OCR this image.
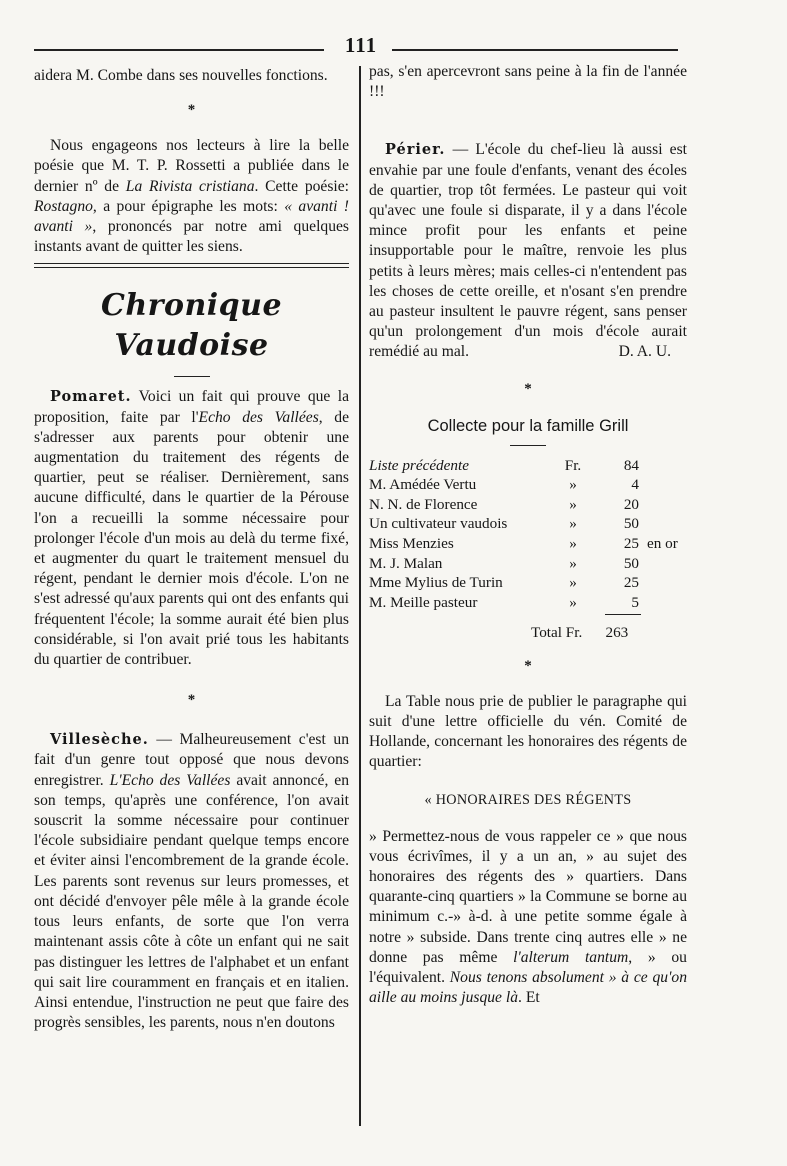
111

aidera M. Combe dans ses nouvelles fonctions.

*

Nous engageons nos lecteurs à lire la belle poésie que M. T. P. Rossetti a publiée dans le dernier nº de La Rivista cristiana. Cette poésie: Rostagno, a pour épigraphe les mots: « avanti ! avanti », prononcés par notre ami quelques instants avant de quitter les siens.

Chronique Vaudoise

Pomaret. Voici un fait qui prouve que la proposition, faite par l'Echo des Vallées, de s'adresser aux parents pour obtenir une augmentation du traitement des régents de quartier, peut se réaliser. Dernièrement, sans aucune difficulté, dans le quartier de la Pérouse l'on a recueilli la somme nécessaire pour prolonger l'école d'un mois au delà du terme fixé, et augmenter du quart le traitement mensuel du régent, pendant le dernier mois d'école. L'on ne s'est adressé qu'aux parents qui ont des enfants qui fréquentent l'école; la somme aurait été bien plus considérable, si l'on avait prié tous les habitants du quartier de contribuer.

*

Villesèche. — Malheureusement c'est un fait d'un genre tout opposé que nous devons enregistrer. L'Echo des Vallées avait annoncé, en son temps, qu'après une conférence, l'on avait souscrit la somme nécessaire pour continuer l'école subsidiaire pendant quelque temps encore et éviter ainsi l'encombrement de la grande école. Les parents sont revenus sur leurs promesses, et ont décidé d'envoyer pêle mêle à la grande école tous leurs enfants, de sorte que l'on verra maintenant assis côte à côte un enfant qui ne sait pas distinguer les lettres de l'alphabet et un enfant qui sait lire couramment en français et en italien. Ainsi entendue, l'instruction ne peut que faire des progrès sensibles, les parents, nous n'en doutons

pas, s'en apercevront sans peine à la fin de l'année !!!

Périer. — L'école du chef-lieu là aussi est envahie par une foule d'enfants, venant des écoles de quartier, trop tôt fermées. Le pasteur qui voit qu'avec une foule si disparate, il y a dans l'école mince profit pour les enfants et peine insupportable pour le maître, renvoie les plus petits à leurs mères; mais celles-ci n'entendent pas les choses de cette oreille, et n'osant s'en prendre au pasteur insultent le pauvre régent, sans penser qu'un prolongement d'un mois d'école aurait remédié au mal.	D. A. U.

*

Collecte pour la famille Grill

Liste précédente	Fr.	84	
M. Amédée Vertu	»	4	
N. N. de Florence	»	20	
Un cultivateur vaudois	»	50	
Miss Menzies	»	25	en or
M. J. Malan	»	50	
Mme Mylius de Turin	»	25	
M. Meille pasteur	»	5	
Total Fr. 263

*

La Table nous prie de publier le paragraphe qui suit d'une lettre officielle du vén. Comité de Hollande, concernant les honoraires des régents de quartier:

« HONORAIRES DES RÉGENTS

» Permettez-nous de vous rappeler ce » que nous vous écrivîmes, il y a un an, » au sujet des honoraires des régents des » quartiers. Dans quarante-cinq quartiers » la Commune se borne au minimum c.-» à-d. à une petite somme égale à notre » subside. Dans trente cinq autres elle » ne donne pas même l'alterum tantum, » ou l'équivalent. Nous tenons absolument » à ce qu'on aille au moins jusque là. Et
